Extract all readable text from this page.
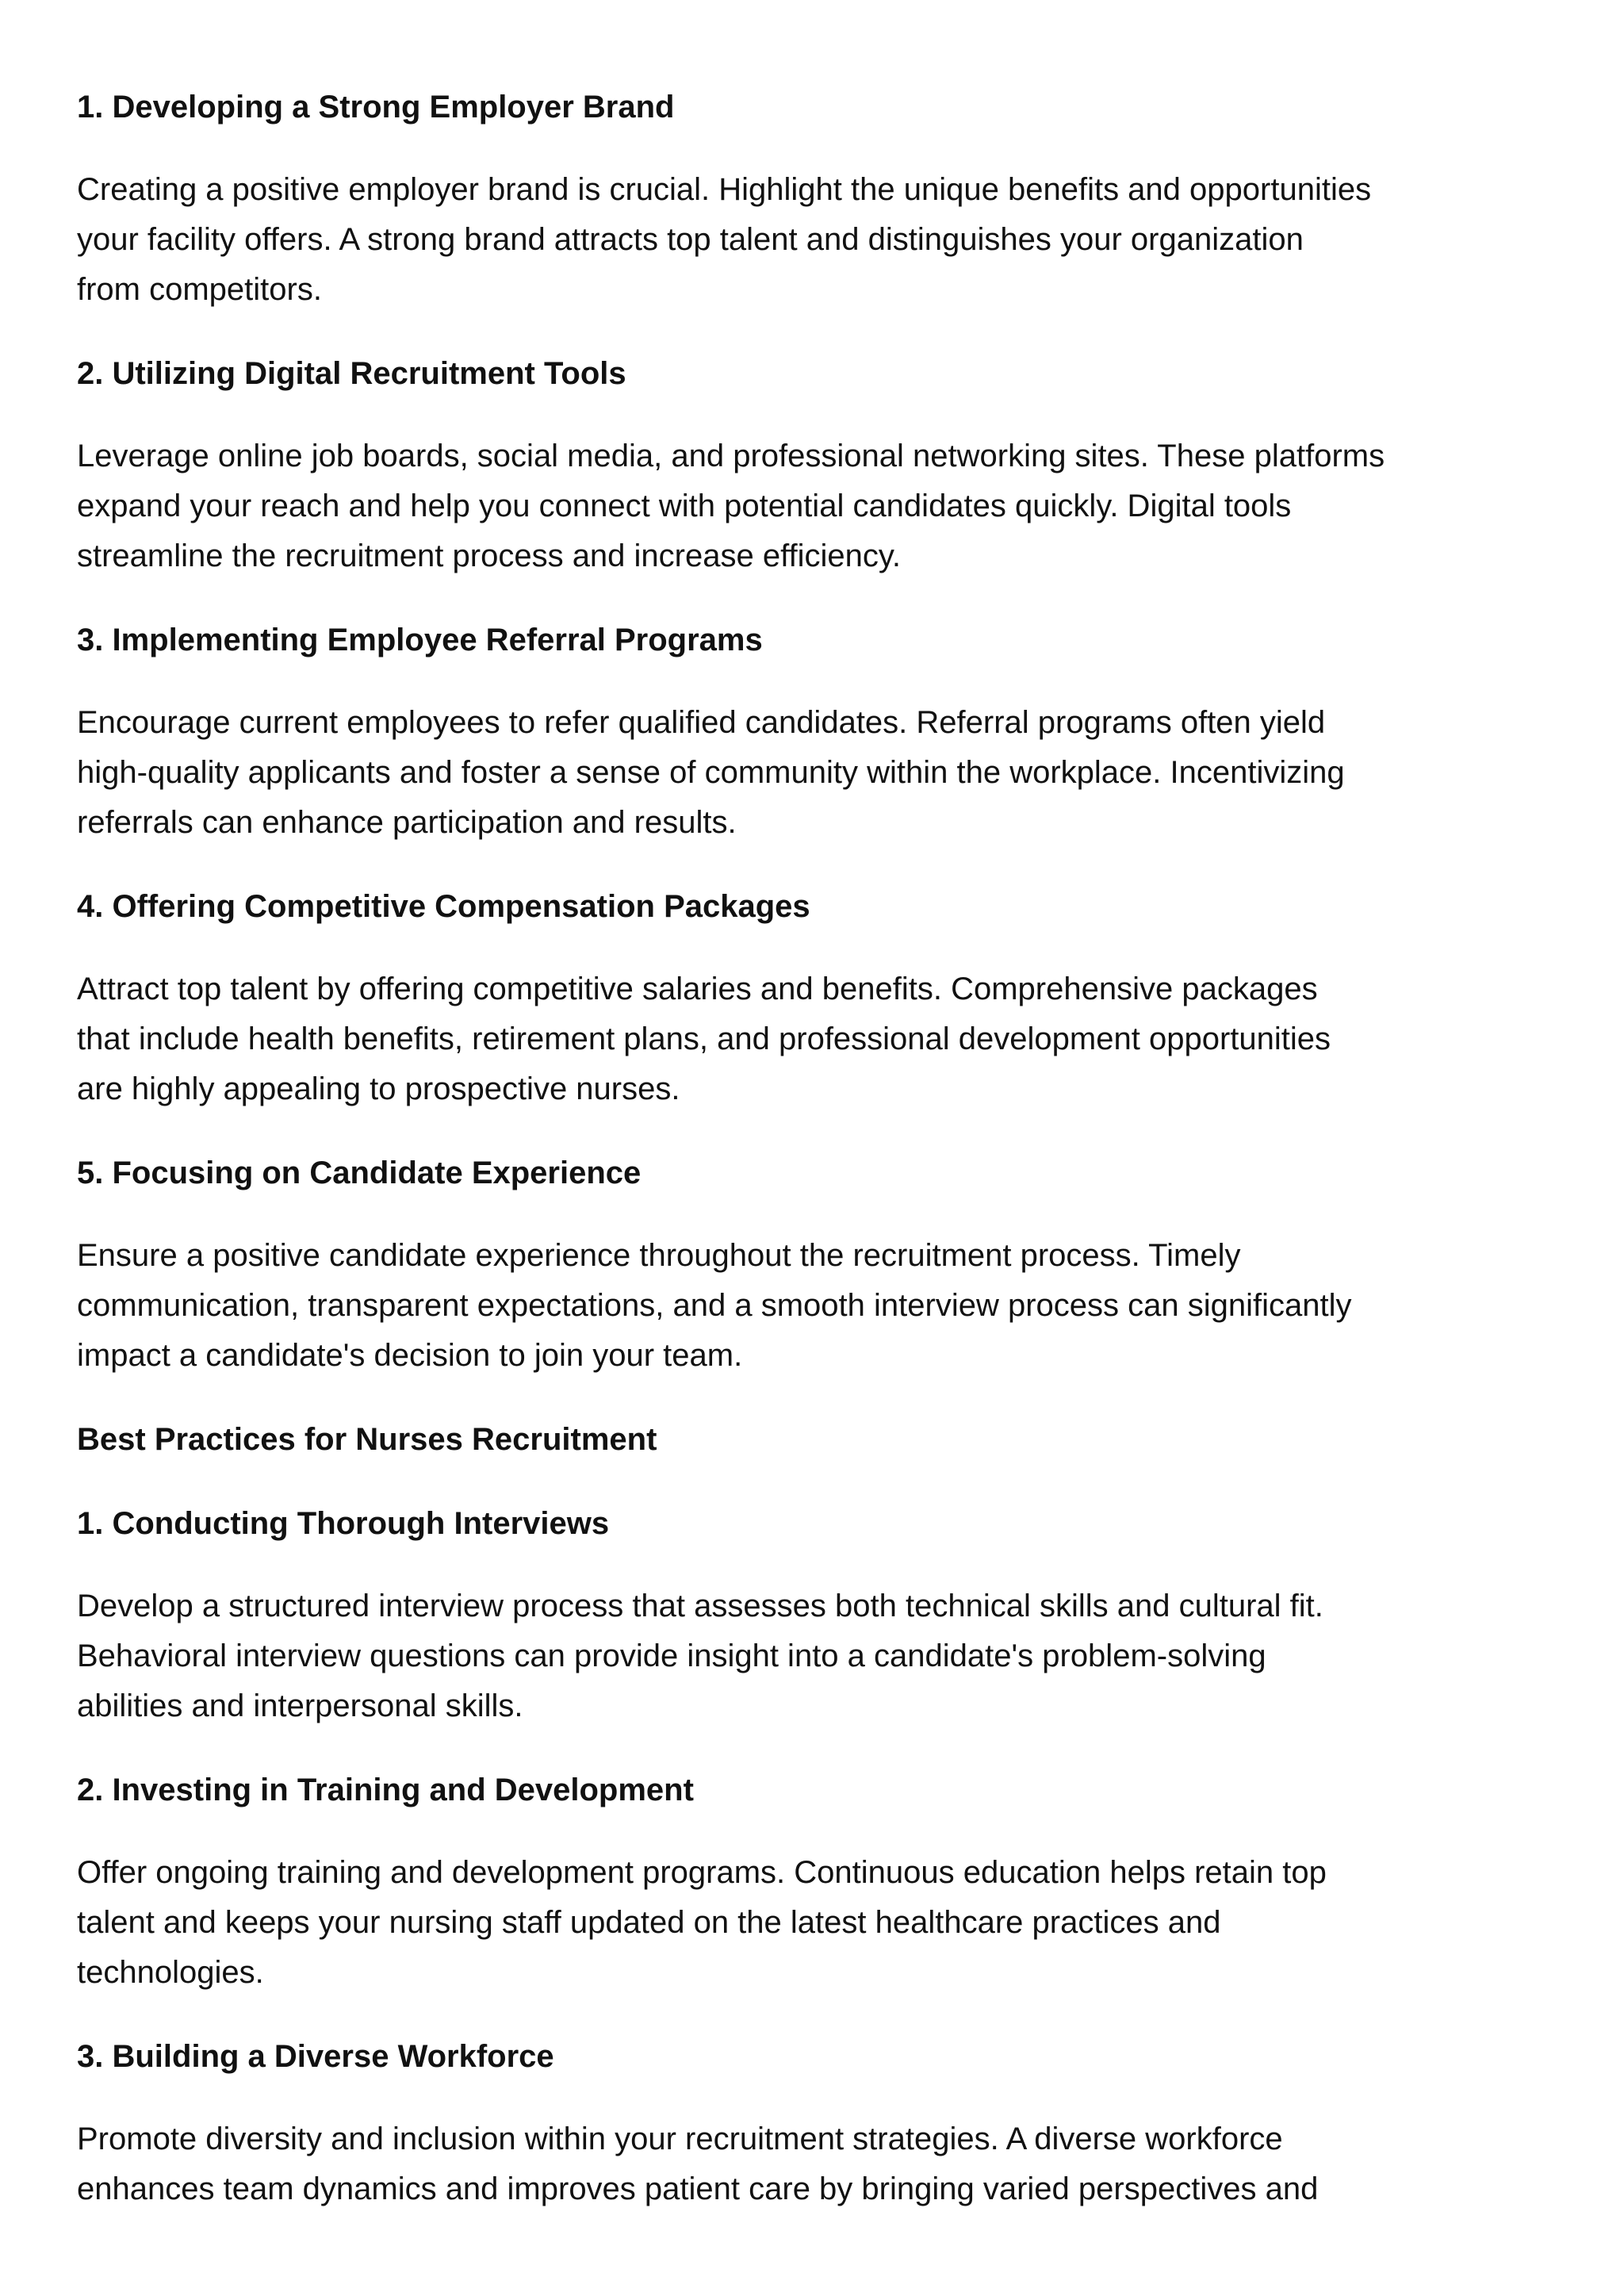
1. Developing a Strong Employer Brand

Creating a positive employer brand is crucial. Highlight the unique benefits and opportunities
your facility offers. A strong brand attracts top talent and distinguishes your organization
from competitors.

2. Utilizing Digital Recruitment Tools

Leverage online job boards, social media, and professional networking sites. These platforms
expand your reach and help you connect with potential candidates quickly. Digital tools
streamline the recruitment process and increase efficiency.

3. Implementing Employee Referral Programs

Encourage current employees to refer qualified candidates. Referral programs often yield
high-quality applicants and foster a sense of community within the workplace. Incentivizing
referrals can enhance participation and results.

4. Offering Competitive Compensation Packages

Attract top talent by offering competitive salaries and benefits. Comprehensive packages
that include health benefits, retirement plans, and professional development opportunities
are highly appealing to prospective nurses.

5. Focusing on Candidate Experience

Ensure a positive candidate experience throughout the recruitment process. Timely
communication, transparent expectations, and a smooth interview process can significantly
impact a candidate's decision to join your team.

Best Practices for Nurses Recruitment
1. Conducting Thorough Interviews

Develop a structured interview process that assesses both technical skills and cultural fit.
Behavioral interview questions can provide insight into a candidate's problem-solving
abilities and interpersonal skills.

2. Investing in Training and Development

Offer ongoing training and development programs. Continuous education helps retain top
talent and keeps your nursing staff updated on the latest healthcare practices and
technologies.

3. Building a Diverse Workforce

Promote diversity and inclusion within your recruitment strategies. A diverse workforce
enhances team dynamics and improves patient care by bringing varied perspectives and
